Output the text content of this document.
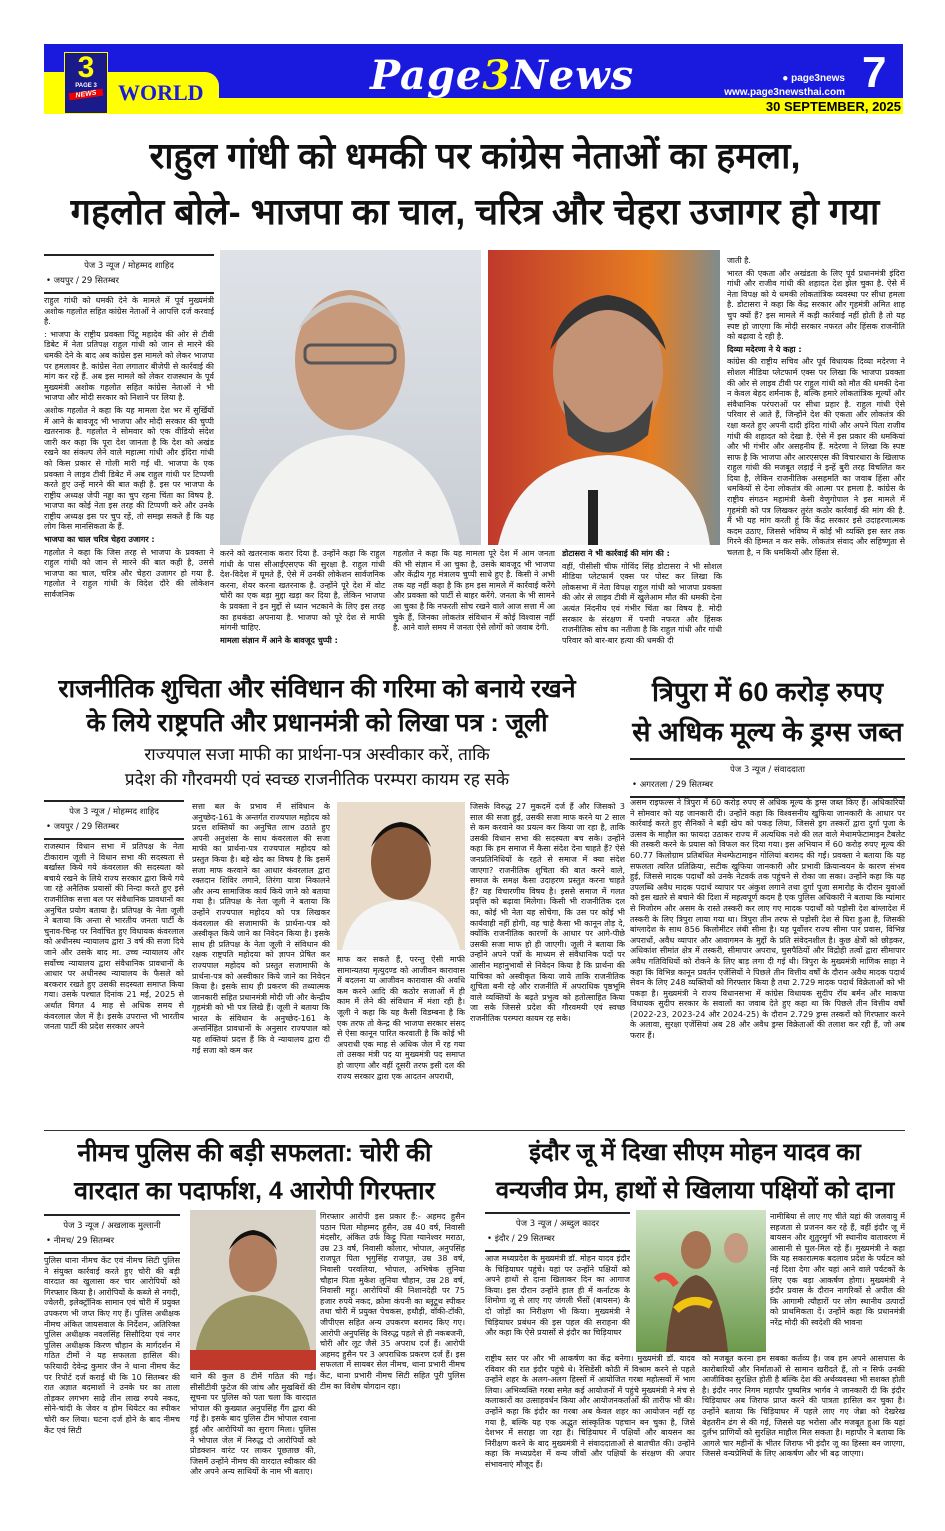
3
PAGE 3
NEWS WORLD	Page3News	● page3news
www.page3newsthai.com 7
30 SEPTEMBER, 2025
राहुल गांधी को धमकी पर कांग्रेस नेताओं का हमला,
गहलोत बोले- भाजपा का चाल, चरित्र और चेहरा उजागर हो गया
पेज 3 न्यूज / मोहम्मद शाहिद
• जयपुर / 29 सितम्बर

राहुल गांधी को धमकी देने के मामले में पूर्व मुख्यमंत्री अशोक गहलोत सहित कांग्रेस नेताओं ने आपत्ति दर्ज करवाई है.

: भाजपा के राष्ट्रीय प्रवक्ता पिंटू महादेव की ओर से टीवी डिबेट में नेता प्रतिपक्ष राहुल गांधी को जान से मारने की धमकी देने के बाद अब कांग्रेस इस मामले को लेकर भाजपा पर हमलावर है. कांग्रेस नेता लगातार बीजेपी से कार्रवाई की मांग कर रहे हैं. अब इस मामले को लेकर राजस्थान के पूर्व मुख्यमंत्री अशोक गहलोत सहित कांग्रेस नेताओं ने भी भाजपा और मोदी सरकार को निशाने पर लिया है.

अशोक गहलोत ने कहा कि यह मामला देश भर में सुर्खियों में आने के बावजूद भी भाजपा और मोदी सरकार की चुप्पी खतरनाक है. गहलोत ने सोमवार को एक वीडियो संदेश जारी कर कहा कि पूरा देश जानता है कि देश को अखंड रखने का संकल्प लेने वाले महात्मा गांधी और इंदिरा गांधी को किस प्रकार से गोली मारी गई थी. भाजपा के एक प्रवक्ता ने लाइव टीवी डिबेट में अब राहुल गांधी पर टिप्पणी करते हुए उन्हें मारने की बात कही है. इस पर भाजपा के राष्ट्रीय अध्यक्ष जेपी नड्डा का चुप रहना चिंता का विषय है. भाजपा का कोई नेता इस तरह की टिप्पणी करे और उनके राष्ट्रीय अध्यक्ष इस पर चुप रहें, तो समझ सकते हैं कि यह लोग किस मानसिकता के हैं.

भाजपा का चाल चरित्र चेहरा उजागर :

गहलोत ने कहा कि जिस तरह से भाजपा के प्रवक्ता ने राहुल गांधी को जान से मारने की बात कही है, उससे भाजपा का चाल, चरित्र और चेहरा उजागर हो गया है. गहलोत ने राहुल गांधी के विदेश दौरे की लोकेशन सार्वजनिक

करने को खतरनाक करार दिया है. उन्होंने कहा कि राहुल गांधी के पास सीआईएसएफ की सुरक्षा है. राहुल गांधी देश-विदेश में घूमते हैं, ऐसे में उनकी लोकेशन सार्वजनिक करना, शेयर करना खतरनाक है. उन्होंने पूरे देश में वोट चोरी का एक बड़ा मुद्दा खड़ा कर दिया है, लेकिन भाजपा के प्रवक्ता ने इन मुद्दों से ध्यान भटकाने के लिए इस तरह का हथकंडा अपनाया है. भाजपा को पूरे देश से माफी मांगनी चाहिए.

मामला संज्ञान में आने के बावजूद चुप्पी :

गहलोत ने कहा कि यह मामला पूरे देश में आम जनता की भी संज्ञान में आ चुका है, उसके बावजूद भी भाजपा और केंद्रीय गृह मंत्रालय चुप्पी साधे हुए है. किसी ने अभी तक यह नहीं कहा है कि हम इस मामले में कार्रवाई करेंगे और प्रवक्ता को पार्टी से बाहर करेंगे. जनता के भी सामने आ चुका है कि नफरती सोच रखने वाले आज सत्ता में आ चुके हैं, जिनका लोकतंत्र संविधान में कोई विश्वास नहीं है. आने वाले समय में जनता ऐसे लोगों को जवाब देगी.

डोटासरा ने भी कार्रवाई की मांग की :

वहीं, पीसीसी चीफ गोविंद सिंह डोटासरा ने भी सोशल मीडिया प्लेटफार्म एक्स पर पोस्ट कर लिखा कि लोकसभा में नेता विपक्ष राहुल गांधी को भाजपा प्रवक्ता की ओर से लाइव टीवी में खुलेआम मौत की धमकी देना अत्यंत निंदनीय एवं गंभीर चिंता का विषय है. मोदी सरकार के संरक्षण में पनपी नफरत और हिंसक राजनीतिक सोच का नतीजा है कि राहुल गांधी और गांधी परिवार को बार-बार हत्या की धमकी दी

जाती है.

भारत की एकता और अखंडता के लिए पूर्व प्रधानमंत्री इंदिरा गांधी और राजीव गांधी की शहादत देश झेल चुका है. ऐसे में नेता विपक्ष को ये धमकी लोकतांत्रिक व्यवस्था पर सीधा हमला है. डोटासरा ने कहा कि केंद्र सरकार और गृहमंत्री अमित शाह चुप क्यों हैं? इस मामले में कड़ी कार्रवाई नहीं होती है तो यह स्पष्ट हो जाएगा कि मोदी सरकार नफरत और हिंसक राजनीति को बढ़ावा दे रही है.

दिव्या मदेरणा ने ये कहा :

कांग्रेस की राष्ट्रीय सचिव और पूर्व विधायक दिव्या मदेरणा ने सोशल मीडिया प्लेटफार्म एक्स पर लिखा कि भाजपा प्रवक्ता की ओर से लाइव टीवी पर राहुल गांधी को मौत की धमकी देना न केवल बेहद शर्मनाक है, बल्कि हमारे लोकतांत्रिक मूल्यों और संवैधानिक परंपराओं पर सीधा प्रहार है. राहुल गांधी ऐसे परिवार से आते हैं, जिन्होंने देश की एकता और लोकतंत्र की रक्षा करते हुए अपनी दादी इंदिरा गांधी और अपने पिता राजीव गांधी की शहादत को देखा है. ऐसे में इस प्रकार की धमकियां और भी गंभीर और असहनीय हैं. मदेरणा ने लिखा कि स्पष्ट साफ है कि भाजपा और आरएसएस की विचारधारा के खिलाफ राहुल गांधी की मजबूत लड़ाई ने इन्हें बुरी तरह विचलित कर दिया है, लेकिन राजनीतिक असहमति का जवाब हिंसा और धमकियों से देना लोकतंत्र की आत्मा पर हमला है. कांग्रेस के राष्ट्रीय संगठन महामंत्री केसी वेणुगोपाल ने इस मामले में गृहमंत्री को पत्र लिखकर तुरंत कठोर कार्रवाई की मांग की है. मैं भी यह मांग करती हूं कि केंद्र सरकार इसे उदाहरणात्मक कदम उठाए, जिससे भविष्य में कोई भी व्यक्ति इस स्तर तक गिरने की हिम्मत न कर सके. लोकतंत्र संवाद और सहिष्णुता से चलता है, न कि धमकियों और हिंसा से.

राजनीतिक शुचिता और संविधान की गरिमा को बनाये रखने
के लिये राष्ट्रपति और प्रधानमंत्री को लिखा पत्र : जूली
राज्यपाल सजा माफी का प्रार्थना-पत्र अस्वीकार करें, ताकि
प्रदेश की गौरवमयी एवं स्वच्छ राजनीतिक परम्परा कायम रह सके
पेज 3 न्यूज / मोहम्मद शाहिद
• जयपुर / 29 सितम्बर

राजस्थान विधान सभा में प्रतिपक्ष के नेता टीकाराम जूली ने विधान सभा की सदस्यता से बर्खास्त किये गये कंवरलाल की सदस्यता को बचाये रखने के लिये राज्य सरकार द्वारा किये गये जा रहे अनैतिक प्रयासों की निन्दा करते हुए इसे राजनीतिक सत्ता बल पर संवैधानिक प्रावधानों का अनुचित प्रयोग बताया है। प्रतिपक्ष के नेता जूली ने बताया कि अन्ता से भारतीय जनता पार्टी के चुनाव-चिन्ह पर निर्वाचित हुए विधायक कंवरलाल को अधीनस्थ न्यायालय द्वारा 3 वर्ष की सजा दिये जाने और उसके बाद मा. उच्च न्यायालय और सर्वोच्च न्यायालय द्वारा संवैधानिक प्रावधानों के आधार पर अधीनस्थ न्यायालय के फैसले को बरकरार रखते हुए उसकी सदस्यता समाप्त किया गया। उसके पश्चात दिनांक 21 मई, 2025 से अर्थात विगत 4 माह से अधिक समय से कंवरलाल जेल में है। इसके उपरान्त भी भारतीय जनता पार्टी की प्रदेश सरकार अपने

सत्ता बल के प्रभाव में संविधान के अनुच्छेद-161 के अन्तर्गत राज्यपाल महोदय को प्रदत्त शक्तियों का अनुचित लाभ उठाते हुए अपनी अनुशंसा के साथ कंवरलाल की सजा माफी का प्रार्थना-पत्र राज्यपाल महोदय को प्रस्तुत किया है। बड़े खेद का विषय है कि इसमें सजा माफ करवाने का आधार कंवरलाल द्वारा रक्तदान शिविर लगाने, तिरंगा यात्रा निकालने और अन्य सामाजिक कार्य किये जाने को बताया गया है। प्रतिपक्ष के नेता जूली ने बताया कि उन्होंने राज्यपाल महोदय को पत्र लिखकर कंवरलाल की सजामाफी के प्रार्थना-पत्र को अस्वीकृत किये जाने का निवेदन किया है। इसके साथ ही प्रतिपक्ष के नेता जूली ने संविधान की रक्षक राष्ट्रपति महोदया को ज्ञापन प्रेषित कर राज्यपाल महोदय को प्रस्तुत सजामाफी के प्रार्थना-पत्र को अस्वीकार किये जाने का निवेदन किया है। इसके साथ ही प्रकरण की तथ्यात्मक जानकारी सहित प्रधानमंत्री मोदी जी और केन्द्रीय गृहमंत्री को भी पत्र लिखे हैं। जूली ने बताया कि भारत के संविधान के अनुच्छेद-161 के अन्तर्निहित प्रावधानों के अनुसार राज्यपाल को यह शक्तियां प्रदत्त हैं कि वे न्यायालय द्वारा दी गई सजा को कम कर

माफ कर सकते हैं, परन्तु ऐसी माफी सामान्यतया मृत्युदण्ड को आजीवन कारावास में बदलना या आजीवन कारावास की अवधि कम करने आदि की कठोर सजाओं में ही काम में लेने की संविधान में मंशा रही है। जूली ने कहा कि यह कैसी विडम्बना है कि एक तरफ तो केन्द्र की भाजपा सरकार संसद से ऐसा कानून पारित करवाती है कि कोई भी अपराधी एक माह से अधिक जेल में रह गया तो उसका मंत्री पद या मुख्यमंत्री पद समाप्त हो जाएगा और वहीं दूसरी तरफ इसी दल की राज्य सरकार द्वारा एक आदतन अपराधी,

जिसके विरुद्ध 27 मुकदमें दर्ज हैं और जिसको 3 साल की सजा हुई, उसकी सजा माफ करने या 2 साल से कम करवाने का प्रयत्न कर किया जा रहा है, ताकि उसकी विधान सभा की सदस्यता बच सके। उन्होंने कहा कि हम समाज में कैसा संदेश देना चाहते हैं? ऐसे जनप्रतिनिधियों के रहते से समाज में क्या संदेश जाएगा? राजनीतिक शुचिता की बात करने वाले, समाज के समक्ष कैसा उदाहरण प्रस्तुत करना चाहते हैं? यह विचारणीय विषय है। इससे समाज में गलत प्रवृत्ति को बढ़ावा मिलेगा। किसी भी राजनीतिक दल का, कोई भी नेता यह सोचेगा, कि उस पर कोई भी कार्यवाही नहीं होगी, वह चाहे कैसा भी कानून तोड़ दे, क्योंकि राजनीतिक कारणों के आधार पर आगे-पीछे उसकी सजा माफ हो ही जाएगी। जूली ने बताया कि उन्होंने अपने पत्रों के माध्यम से संवैधानिक पदों पर आसीन महानुभावों से निवेदन किया है कि प्रार्थना की याचिका को अस्वीकृत किया जाये ताकि राजनीतिक शुचिता बनी रहे और राजनीति में अपराधिक पृष्ठभूमि वाले व्यक्तियों के बढ़ते प्रभुत्व को हतोत्साहित किया जा सके जिससे प्रदेश की गौरवमयी एवं स्वच्छ राजनीतिक परम्परा कायम रह सके।

त्रिपुरा में 60 करोड़ रुपए
से अधिक मूल्य के ड्रग्स जब्त
पेज 3 न्यूज / संवाददाता
• अगरतला / 29 सितम्बर

असम राइफल्स ने त्रिपुरा में 60 करोड़ रुपए से अधिक मूल्य के ड्रग्स जब्त किए हैं। अधिकारियों ने सोमवार को यह जानकारी दी। उन्होंने कहा कि विश्वसनीय खुफिया जानकारी के आधार पर कार्रवाई करते हुए सैनिकों ने बड़ी खेप को पकड़ लिया, जिससे ड्रग तस्करों द्वारा दुर्गा पूजा के उत्सव के माहौल का फायदा उठाकर राज्य में अत्यधिक नशे की लत वाले मेथामफेटामाइन टैबलेट की तस्करी करने के प्रयास को विफल कर दिया गया। इस अभियान में 60 करोड़ रुपए मूल्य की 60.77 किलोग्राम प्रतिबंधित मेथम्फेटामाइन गोलियां बरामद की गईं। प्रवक्ता ने बताया कि यह सफलता त्वरित प्रतिक्रिया, सटीक खुफिया जानकारी और प्रभावी क्रियान्वयन के कारण संभव हुई, जिससे मादक पदार्थों को उनके नेटवर्क तक पहुंचने से रोका जा सका। उन्होंने कहा कि यह उपलब्धि अवैध मादक पदार्थ व्यापार पर अंकुश लगाने तथा दुर्गा पूजा समारोह के दौरान युवाओं को इस खतरे से बचाने की दिशा में महत्वपूर्ण कदम है एक पुलिस अधिकारी ने बताया कि म्यांमार से मिजोरम और असम के रास्ते तस्करी कर लाए गए मादक पदार्थों को पड़ोसी देश बांग्लादेश में तस्करी के लिए त्रिपुरा लाया गया था। त्रिपुरा तीन तरफ से पड़ोसी देश से घिरा हुआ है, जिसकी बांग्लादेश के साथ 856 किलोमीटर लंबी सीमा है। यह पूर्वोत्तर राज्य सीमा पार प्रवास, विभिन्न अपराधों, अवैध व्यापार और आवागमन के मुद्दों के प्रति संवेदनशील है। कुछ क्षेत्रों को छोड़कर, अधिकांश सीमांत क्षेत्र में तस्करी, सीमापार अपराध, घुसपैठियों और विद्रोही तत्वों द्वारा सीमापार अवैध गतिविधियों को रोकने के लिए बाड़ लगा दी गई थी। त्रिपुरा के मुख्यमंत्री माणिक साहा ने कहा कि विभिन्न कानून प्रवर्तन एजेंसियों ने पिछले तीन वित्तीय वर्षों के दौरान अवैध मादक पदार्थ सेवन के लिए 248 व्यक्तियों को गिरफ्तार किया है तथा 2.729 मादक पदार्थ विक्रेताओं को भी पकड़ा है। मुख्यमंत्री ने राज्य विधानसभा में कांग्रेस विधायक सुदीप रॉय बर्मन और माकपा विधायक सुदीप सरकार के सवालों का जवाब देते हुए कहा था कि पिछले तीन वित्तीय वर्षों (2022-23, 2023-24 और 2024-25) के दौरान 2.729 ड्रग्स तस्करों को गिरफ्तार करने के अलावा, सुरक्षा एजेंसियां अब 28 और अवैध ड्रग्स विक्रेताओं की तलाश कर रही हैं, जो अब फरार हैं।

नीमच पुलिस की बड़ी सफलता: चोरी की
वारदात का पदार्फाश, 4 आरोपी गिरफ्तार
पेज 3 न्यूज / अखलाक मुल्तानी
• नीमच/ 29 सितम्बर

पुलिस थाना नीमच केंट एवं नीमच सिटी पुलिस ने संयुक्त कार्रवाई करते हुए चोरी की बड़ी वारदात का खुलासा कर चार आरोपियों को गिरफ्तार किया है। आरोपियों के कब्जे से नगदी, ज्वेलरी, इलेक्ट्रॉनिक सामान एवं चोरी में प्रयुक्त उपकरण भी जप्त किए गए हैं। पुलिस अधीक्षक नीमच अंकित जायसवाल के निर्देशन, अतिरिक्त पुलिस अधीक्षक नवलसिंह सिसौदिया एवं नगर पुलिस अधीक्षक किरण चौहान के मार्गदर्शन में गठित टीमों ने यह सफलता हासिल की। फरियादी देवेन्द्र कुमार जैन ने थाना नीमच केंट पर रिपोर्ट दर्ज कराई थी कि 10 सितम्बर की रात अज्ञात बदमाशों ने उनके घर का ताला तोड़कर लगभग साढ़े तीन लाख रुपये नकद, सोने-चांदी के जेवर व होम थियेटर का स्पीकर चोरी कर लिया। घटना दर्ज होने के बाद नीमच केंट एवं सिटी

थाने की कुल 8 टीमें गठित की गई। सीसीटीवी फुटेज की जांच और मुखबिरों की सूचना पर पुलिस को पता चला कि वारदात भोपाल की कुख्यात अनुपसिंह गैंग द्वारा की गई है। इसके बाद पुलिस टीम भोपाल रवाना हुई और आरोपियों का सुराग मिला। पुलिस ने भोपाल जेल में निरुद्ध दो आरोपियों को प्रोडक्शन वारंट पर लाकर पूछताछ की, जिसमें उन्होंने नीमच की वारदात स्वीकार की और अपने अन्य साथियों के नाम भी बताए।

गिरफ्तार आरोपी इस प्रकार हैं:- अहमद हुसैन पठान पिता मोहम्मद हुसैन, उम्र 40 वर्ष, निवासी मंदसौर, अंकित उर्फ किट्टू पिता ग्यानेश्वर मराठा, उम्र 23 वर्ष, निवासी कोलार, भोपाल, अनुपसिंह राजपूत पिता भृगुसिंह राजपूत, उम्र 38 वर्ष, निवासी परवलिया, भोपाल, अभिषेक लुनिया चौहान पिता मुकेश लुनिया चौहान, उम्र 28 वर्ष, निवासी महू। आरोपियों की निशानदेही पर 75 हजार रुपये नकद, क्रोमा कंपनी का ब्लूटूथ स्पीकर तथा चोरी में प्रयुक्त पेचकस, हथौड़ी, वॉकी-टॉकी, जीपीएस सहित अन्य उपकरण बरामद किए गए। आरोपी अनुपसिंह के विरुद्ध पहले से ही नकबजनी, चोरी और लूट जैसे 35 अपराध दर्ज हैं। आरोपी अहमद हुसैन पर 3 अपराधिक प्रकरण दर्ज हैं। इस सफलता में सायबर सेल नीमच, थाना प्रभारी नीमच केंट, थाना प्रभारी नीमच सिटी सहित पूरी पुलिस टीम का विशेष योगदान रहा।

इंदौर जू में दिखा सीएम मोहन यादव का
वन्यजीव प्रेम, हाथों से खिलाया पक्षियों को दाना
पेज 3 न्यूज / अब्दुल कादर
• इंदौर / 29 सितम्बर

आज मध्यप्रदेश के मुख्यमंत्री डॉ. मोहन यादव इंदौर के चिड़ियाघर पहुंचे। यहां पर उन्होंने पक्षियों को अपने हाथों से दाना खिलाकर दिन का आगाज किया। इस दौरान उन्होंने हाल ही में कर्नाटक के शिमोगा जू से लाए गए जंगली भैंसों (बायसन) के दो जोड़ों का निरीक्षण भी किया। मुख्यमंत्री ने चिड़ियाघर प्रबंधन की इस पहल की सराहना की और कहा कि ऐसे प्रयासों से इंदौर का चिड़ियाघर

नामीबिया से लाए गए चीते यहां की जलवायु में सहजता से प्रजनन कर रहे हैं, वहीं इंदौर जू में बायसन और शुतुरमुर्ग भी स्थानीय वातावरण में आसानी से घुल-मिल रहे हैं। मुख्यमंत्री ने कहा कि यह सकारात्मक बदलाव प्रदेश के पर्यटन को नई दिशा देगा और यहां आने वाले पर्यटकों के लिए एक बड़ा आकर्षण होगा। मुख्यमंत्री ने इंदौर प्रवास के दौरान नागरिकों से अपील की कि आगामी त्यौहारों पर लोग स्थानीय उत्पादों को प्राथमिकता दें। उन्होंने कहा कि प्रधानमंत्री नरेंद्र मोदी की स्वदेशी की भावना

राष्ट्रीय स्तर पर और भी आकर्षण का केंद्र बनेगा। मुख्यमंत्री डॉ. यादव रविवार की रात इंदौर पहुंचे थे। रेसिडेंसी कोठी में विश्राम करने से पहले उन्होंने शहर के अलग-अलग हिस्सों में आयोजित गरबा महोत्सवों में भाग लिया। अभिव्यक्ति गरबा समेत कई आयोजनों में पहुंचे मुख्यमंत्री ने मंच से कलाकारों का उत्साहवर्धन किया और आयोजनकर्ताओं की तारीफ भी की। उन्होंने कहा कि इंदौर का गरबा अब केवल शहर का आयोजन नहीं रह गया है, बल्कि यह एक अद्भुत सांस्कृतिक पहचान बन चुका है, जिसे देशभर में सराहा जा रहा है। चिड़ियाघर में पक्षियों और बायसन का निरीक्षण करने के बाद मुख्यमंत्री ने संवाददाताओं से बातचीत की। उन्होंने कहा कि मध्यप्रदेश में वन्य जीवों और पक्षियों के संरक्षण की अपार संभावनाएं मौजूद हैं।

को मजबूत करना हम सबका कर्तव्य है। जब हम अपने आसपास के कारोबारियों और निर्माताओं से सामान खरीदते हैं, तो न सिर्फ उनकी आजीविका सुरक्षित होती है बल्कि देश की अर्थव्यवस्था भी सशक्त होती है। इंदौर नगर निगम महापौर पुष्यमित्र भार्गव ने जानकारी दी कि इंदौर चिड़ियाघर अब जिराफ प्राप्त करने की पात्रता हासिल कर चुका है। उन्होंने बताया कि चिड़ियाघर में पहले लाए गए जेब्रा को देखरेख बेहतरीन ढंग से की गई, जिससे यह भरोसा और मजबूत हुआ कि यहां दुर्लभ प्राणियों को सुरक्षित माहौल मिल सकता है। महापौर ने बताया कि आगले चार महीनों के भीतर जिराफ भी इंदौर जू का हिस्सा बन जाएगा, जिससे वन्यप्रेमियों के लिए आकर्षण और भी बढ़ जाएगा।
